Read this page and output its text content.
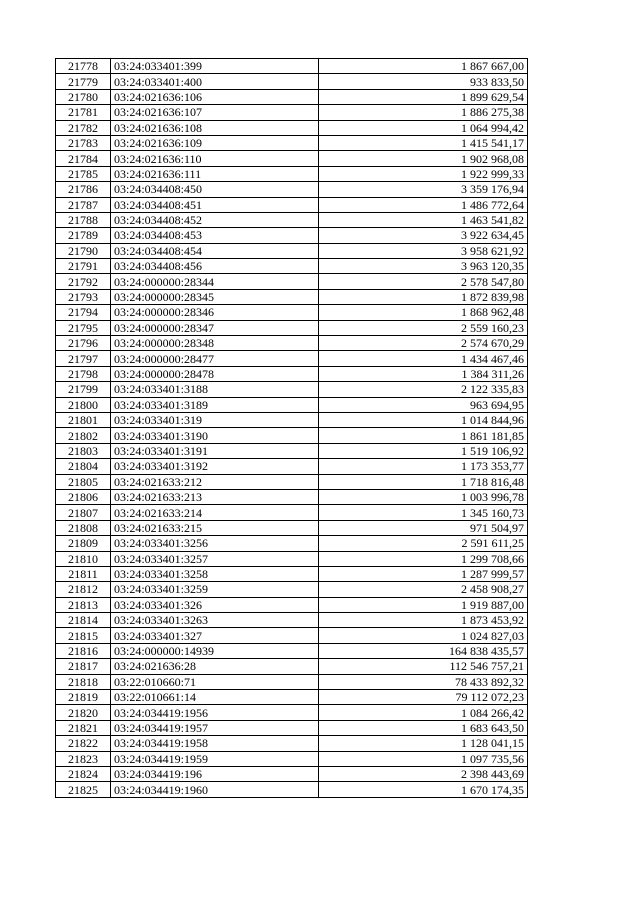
21778	03:24:033401:399	1 867 667,00
21779	03:24:033401:400	933 833,50
21780	03:24:021636:106	1 899 629,54
21781	03:24:021636:107	1 886 275,38
21782	03:24:021636:108	1 064 994,42
21783	03:24:021636:109	1 415 541,17
21784	03:24:021636:110	1 902 968,08
21785	03:24:021636:111	1 922 999,33
21786	03:24:034408:450	3 359 176,94
21787	03:24:034408:451	1 486 772,64
21788	03:24:034408:452	1 463 541,82
21789	03:24:034408:453	3 922 634,45
21790	03:24:034408:454	3 958 621,92
21791	03:24:034408:456	3 963 120,35
21792	03:24:000000:28344	2 578 547,80
21793	03:24:000000:28345	1 872 839,98
21794	03:24:000000:28346	1 868 962,48
21795	03:24:000000:28347	2 559 160,23
21796	03:24:000000:28348	2 574 670,29
21797	03:24:000000:28477	1 434 467,46
21798	03:24:000000:28478	1 384 311,26
21799	03:24:033401:3188	2 122 335,83
21800	03:24:033401:3189	963 694,95
21801	03:24:033401:319	1 014 844,96
21802	03:24:033401:3190	1 861 181,85
21803	03:24:033401:3191	1 519 106,92
21804	03:24:033401:3192	1 173 353,77
21805	03:24:021633:212	1 718 816,48
21806	03:24:021633:213	1 003 996,78
21807	03:24:021633:214	1 345 160,73
21808	03:24:021633:215	971 504,97
21809	03:24:033401:3256	2 591 611,25
21810	03:24:033401:3257	1 299 708,66
21811	03:24:033401:3258	1 287 999,57
21812	03:24:033401:3259	2 458 908,27
21813	03:24:033401:326	1 919 887,00
21814	03:24:033401:3263	1 873 453,92
21815	03:24:033401:327	1 024 827,03
21816	03:24:000000:14939	164 838 435,57
21817	03:24:021636:28	112 546 757,21
21818	03:22:010660:71	78 433 892,32
21819	03:22:010661:14	79 112 072,23
21820	03:24:034419:1956	1 084 266,42
21821	03:24:034419:1957	1 683 643,50
21822	03:24:034419:1958	1 128 041,15
21823	03:24:034419:1959	1 097 735,56
21824	03:24:034419:196	2 398 443,69
21825	03:24:034419:1960	1 670 174,35
